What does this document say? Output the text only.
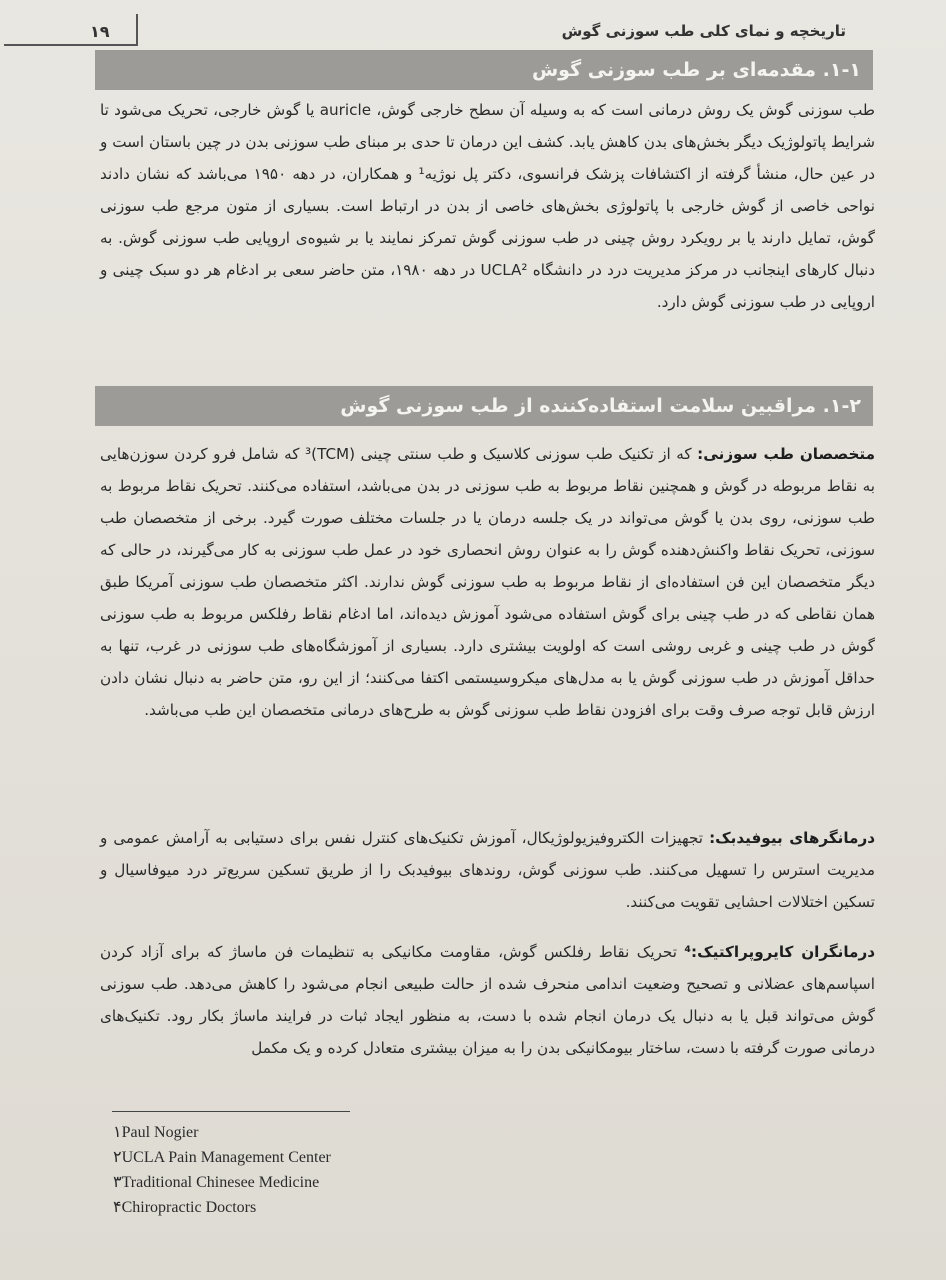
تاریخچه و نمای کلی طب سوزنی گوش
۱۹
۱-۱. مقدمه‌ای بر طب سوزنی گوش
طب سوزنی گوش یک روش درمانی است که به وسیله آن سطح خارجی گوش، auricle یا گوش خارجی، تحریک می‌شود تا شرایط پاتولوژیک دیگر بخش‌های بدن کاهش یابد. کشف این درمان تا حدی بر مبنای طب سوزنی بدن در چین باستان است و در عین حال، منشأ گرفته از اکتشافات پزشک فرانسوی، دکتر پل نوژیه¹ و همکاران، در دهه ۱۹۵۰ می‌باشد که نشان دادند نواحی خاصی از گوش خارجی با پاتولوژی بخش‌های خاصی از بدن در ارتباط است. بسیاری از متون مرجع طب سوزنی گوش، تمایل دارند یا بر رویکرد روش چینی در طب سوزنی گوش تمرکز نمایند یا بر شیوه‌ی اروپایی طب سوزنی گوش. به دنبال کارهای اینجانب در مرکز مدیریت درد در دانشگاه UCLA² در دهه ۱۹۸۰، متن حاضر سعی بر ادغام هر دو سبک چینی و اروپایی در طب سوزنی گوش دارد.
۱-۲. مراقبین سلامت استفاده‌کننده از طب سوزنی گوش
متخصصان طب سوزنی: که از تکنیک طب سوزنی کلاسیک و طب سنتی چینی (TCM)³ که شامل فرو کردن سوزن‌هایی به نقاط مربوطه در گوش و همچنین نقاط مربوط به طب سوزنی در بدن می‌باشد، استفاده می‌کنند. تحریک نقاط مربوط به طب سوزنی، روی بدن یا گوش می‌تواند در یک جلسه درمان یا در جلسات مختلف صورت گیرد. برخی از متخصصان طب سوزنی، تحریک نقاط واکنش‌دهنده گوش را به عنوان روش انحصاری خود در عمل طب سوزنی به کار می‌گیرند، در حالی که دیگر متخصصان این فن استفاده‌ای از نقاط مربوط به طب سوزنی گوش ندارند. اکثر متخصصان طب سوزنی آمریکا طبق همان نقاطی که در طب چینی برای گوش استفاده می‌شود آموزش دیده‌اند، اما ادغام نقاط رفلکس مربوط به طب سوزنی گوش در طب چینی و غربی روشی است که اولویت بیشتری دارد. بسیاری از آموزشگاه‌های طب سوزنی در غرب، تنها به حداقل آموزش در طب سوزنی گوش یا به مدل‌های میکروسیستمی اکتفا می‌کنند؛ از این رو، متن حاضر به دنبال نشان دادن ارزش قابل توجه صرف وقت برای افزودن نقاط طب سوزنی گوش به طرح‌های درمانی متخصصان این طب می‌باشد.
درمانگرهای بیوفیدبک: تجهیزات الکتروفیزیولوژیکال، آموزش تکنیک‌های کنترل نفس برای دستیابی به آرامش عمومی و مدیریت استرس را تسهیل می‌کنند. طب سوزنی گوش، روندهای بیوفیدبک را از طریق تسکین سریع‌تر درد میوفاسیال و تسکین اختلالات احشایی تقویت می‌کنند.
درمانگران کایروپراکتیک:⁴ تحریک نقاط رفلکس گوش، مقاومت مکانیکی به تنظیمات فن ماساژ که برای آزاد کردن اسپاسم‌های عضلانی و تصحیح وضعیت اندامی منحرف شده از حالت طبیعی انجام می‌شود را کاهش می‌دهد. طب سوزنی گوش می‌تواند قبل یا به دنبال یک درمان انجام شده با دست، به منظور ایجاد ثبات در فرایند ماساژ بکار رود. تکنیک‌های درمانی صورت گرفته با دست، ساختار بیومکانیکی بدن را به میزان بیشتری متعادل کرده و یک مکمل
۱Paul Nogier
۲UCLA Pain Management Center
۳Traditional Chinesee Medicine
۴Chiropractic Doctors
